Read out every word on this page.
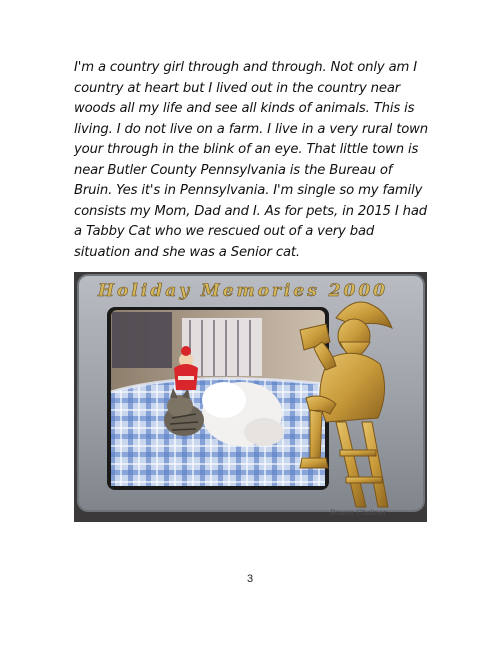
I'm a country girl through and through. Not only am I country at heart but I lived out in the country near woods all my life and see all kinds of animals. This is living. I do not live on a farm. I live in a very rural town your through in the blink of an eye. That little town is near Butler County Pennsylvania is the Bureau of Bruin. Yes it's in Pennsylvania. I'm single so my family consists my Mom, Dad and I. As for pets, in 2015 I had a Tabby Cat who we rescued out of a very bad situation and she was a Senior cat.

Holiday Memories 2000
Bowen Chalmer
3
